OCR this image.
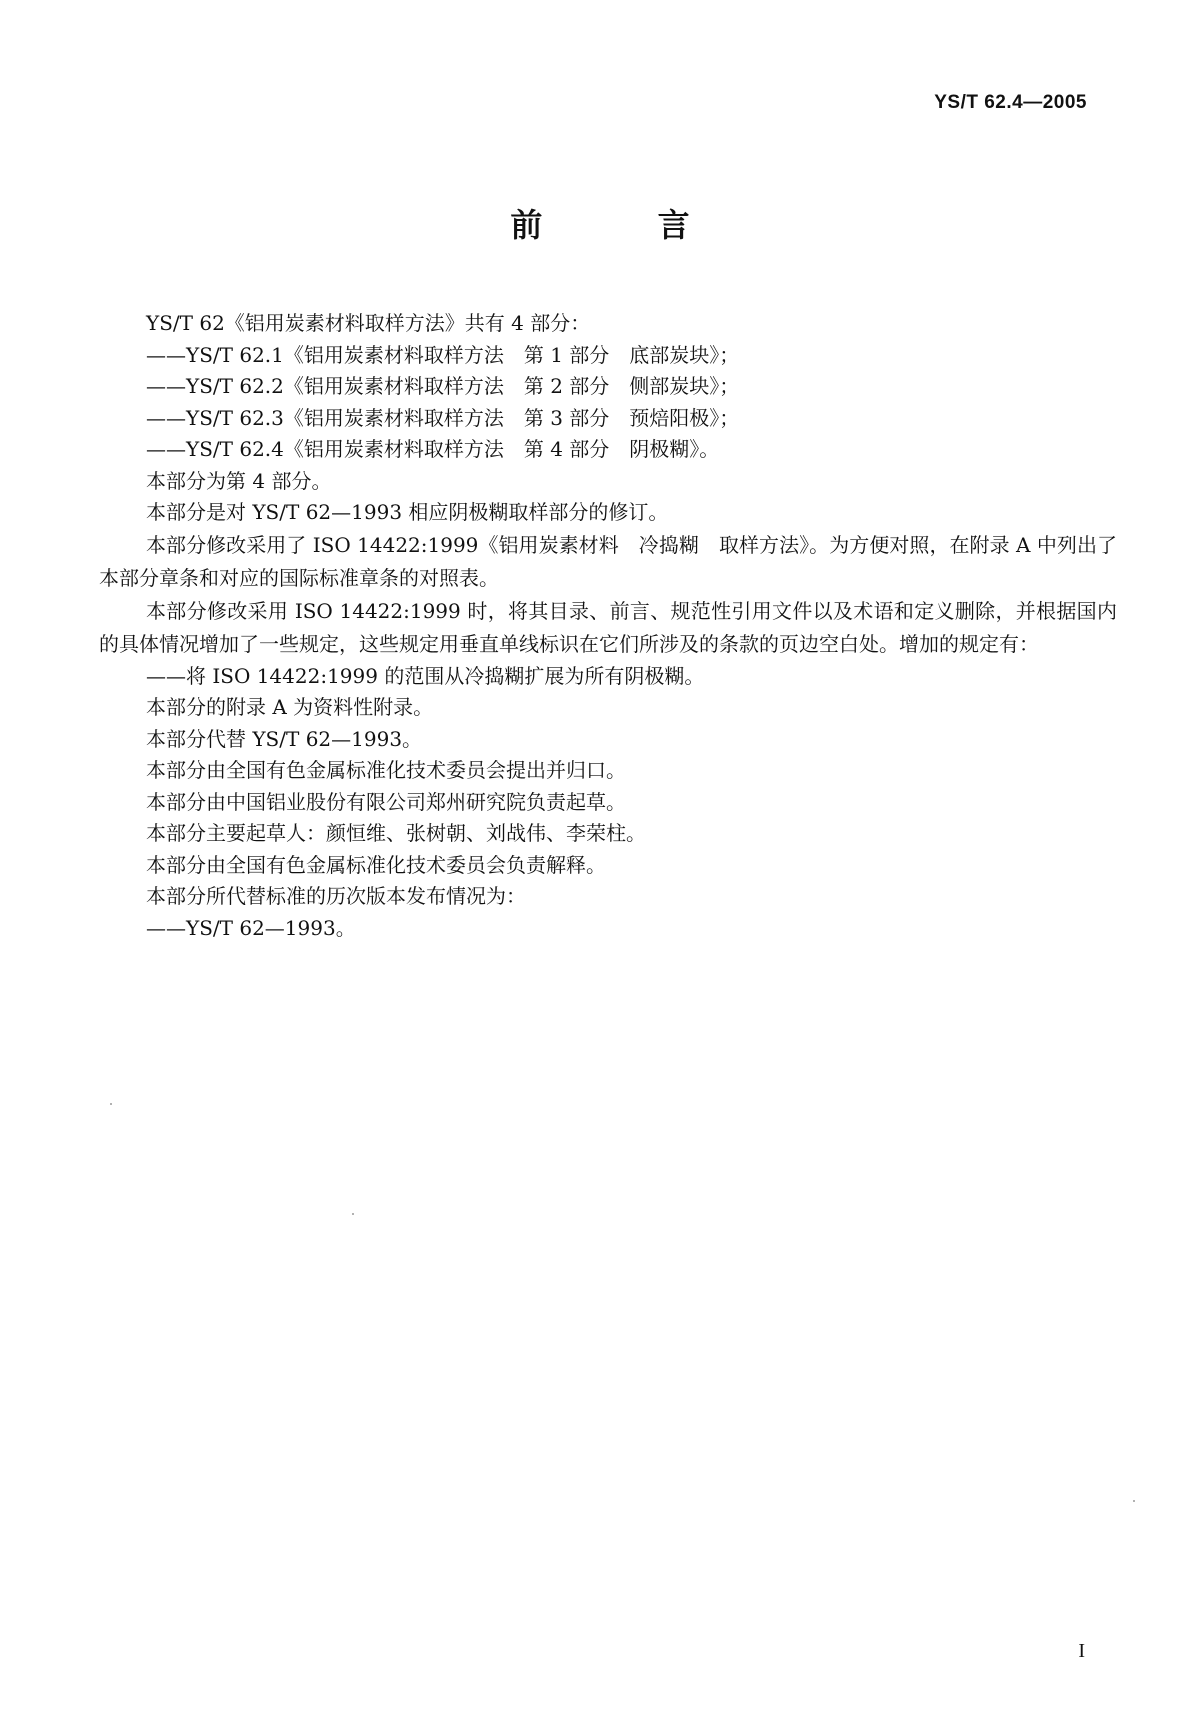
YS/T 62.4—2005
前 言

YS/T 62《铝用炭素材料取样方法》共有 4 部分：

——YS/T 62.1《铝用炭素材料取样方法　第 1 部分　底部炭块》；

——YS/T 62.2《铝用炭素材料取样方法　第 2 部分　侧部炭块》；

——YS/T 62.3《铝用炭素材料取样方法　第 3 部分　预焙阳极》；

——YS/T 62.4《铝用炭素材料取样方法　第 4 部分　阴极糊》。

本部分为第 4 部分。

本部分是对 YS/T 62—1993 相应阴极糊取样部分的修订。

本部分修改采用了 ISO 14422:1999《铝用炭素材料　冷捣糊　取样方法》。为方便对照，在附录 A 中列出了本部分章条和对应的国际标准章条的对照表。

本部分修改采用 ISO 14422:1999 时，将其目录、前言、规范性引用文件以及术语和定义删除，并根据国内的具体情况增加了一些规定，这些规定用垂直单线标识在它们所涉及的条款的页边空白处。增加的规定有：

——将 ISO 14422:1999 的范围从冷捣糊扩展为所有阴极糊。

本部分的附录 A 为资料性附录。

本部分代替 YS/T 62—1993。

本部分由全国有色金属标准化技术委员会提出并归口。

本部分由中国铝业股份有限公司郑州研究院负责起草。

本部分主要起草人：颜恒维、张树朝、刘战伟、李荣柱。

本部分由全国有色金属标准化技术委员会负责解释。

本部分所代替标准的历次版本发布情况为：

——YS/T 62—1993。

I
